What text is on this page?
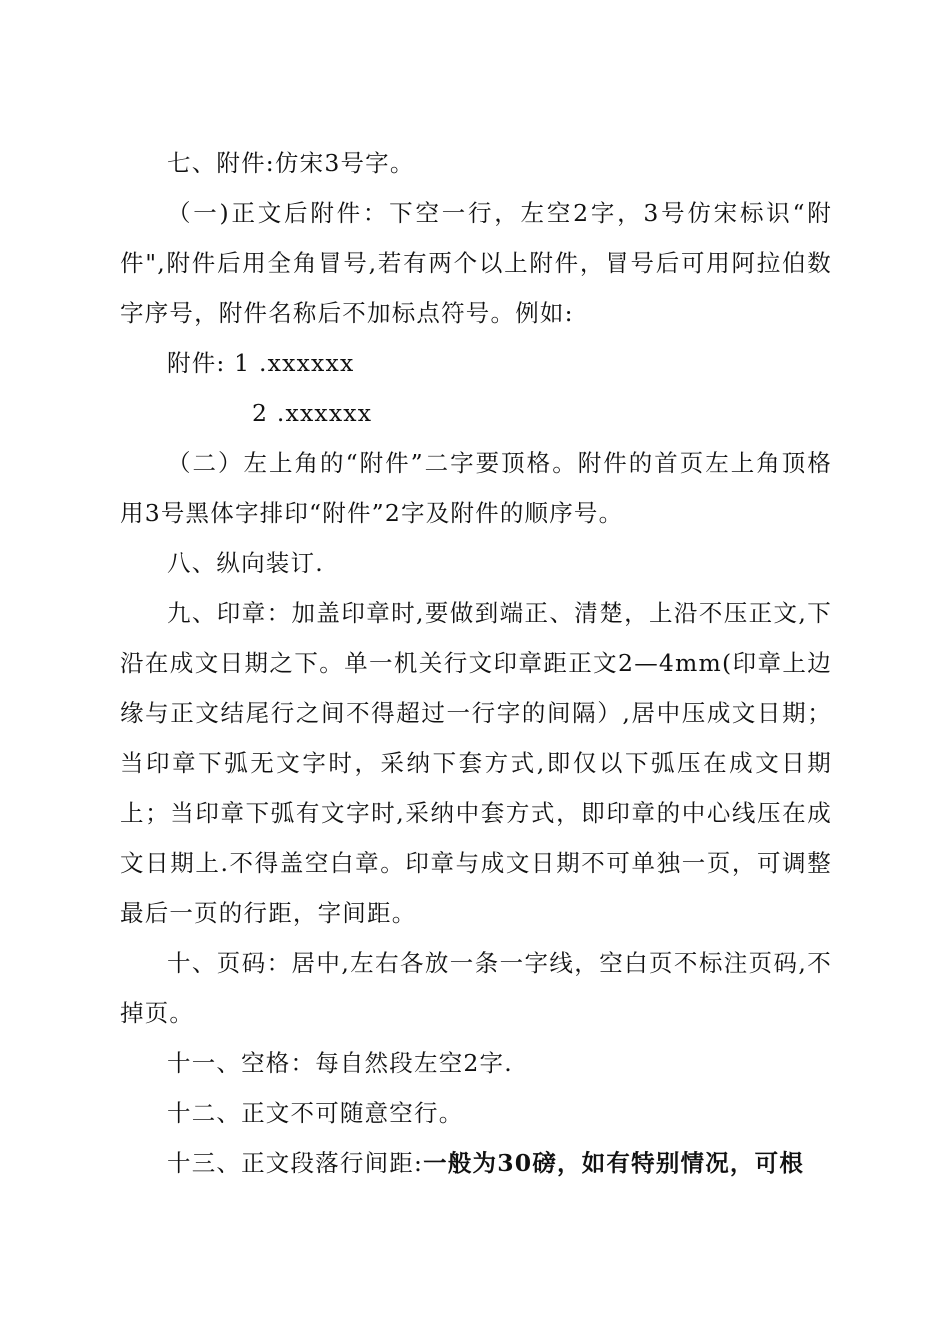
七、附件:仿宋3号字。

（一)正文后附件：下空一行，左空2字，3号仿宋标识“附件",附件后用全角冒号,若有两个以上附件，冒号后可用阿拉伯数字序号，附件名称后不加标点符号。例如:

附件: 1 .xxxxxx

2 .xxxxxx

（二）左上角的“附件”二字要顶格。附件的首页左上角顶格用3号黑体字排印“附件”2字及附件的顺序号。

八、纵向装订.

九、印章：加盖印章时,要做到端正、清楚，上沿不压正文,下沿在成文日期之下。单一机关行文印章距正文2—4mm(印章上边缘与正文结尾行之间不得超过一行字的间隔）,居中压成文日期；当印章下弧无文字时，采纳下套方式,即仅以下弧压在成文日期上；当印章下弧有文字时,采纳中套方式，即印章的中心线压在成文日期上.不得盖空白章。印章与成文日期不可单独一页，可调整最后一页的行距，字间距。

十、页码：居中,左右各放一条一字线，空白页不标注页码,不掉页。

十一、空格：每自然段左空2字.

十二、正文不可随意空行。

十三、正文段落行间距:一般为30磅，如有特别情况，可根
